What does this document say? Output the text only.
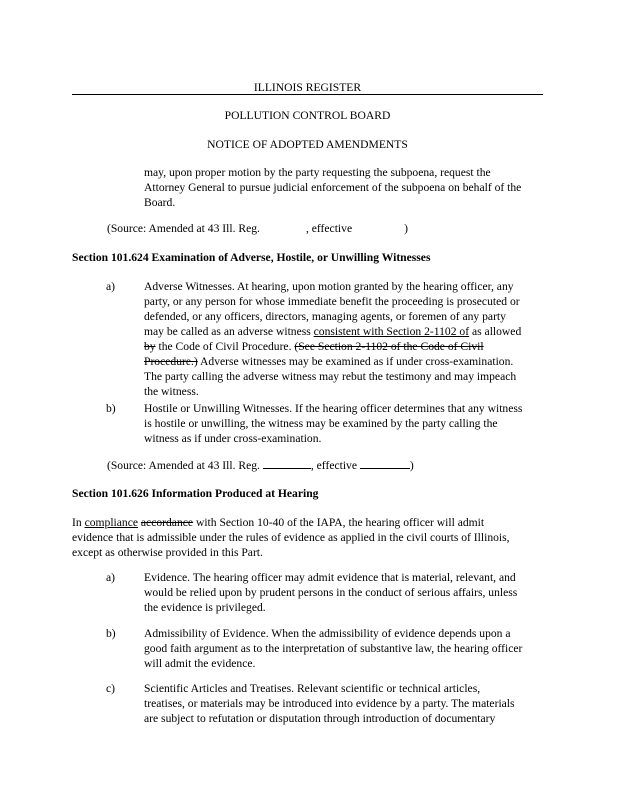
ILLINOIS REGISTER
POLLUTION CONTROL BOARD
NOTICE OF ADOPTED AMENDMENTS

may, upon proper motion by the party requesting the subpoena, request the

Attorney General to pursue judicial enforcement of the subpoena on behalf of the

Board.

(Source: Amended at 43 Ill. Reg.	, effective	)
Section 101.624 Examination of Adverse, Hostile, or Unwilling Witnesses
a) Adverse Witnesses. At hearing, upon motion granted by the hearing officer, any

party, or any person for whose immediate benefit the proceeding is prosecuted or

defended, or any officers, directors, managing agents, or foremen of any party

may be called as an adverse witness consistent with Section 2-1102 of as allowed

by the Code of Civil Procedure. (See Section 2-1102 of the Code of Civil

Procedure.) Adverse witnesses may be examined as if under cross-examination.

The party calling the adverse witness may rebut the testimony and may impeach

the witness.

b) Hostile or Unwilling Witnesses. If the hearing officer determines that any witness

is hostile or unwilling, the witness may be examined by the party calling the

witness as if under cross-examination.

(Source: Amended at 43 Ill. Reg.	, effective	)
Section 101.626 Information Produced at Hearing

In compliance accordance with Section 10-40 of the IAPA, the hearing officer will admit

evidence that is admissible under the rules of evidence as applied in the civil courts of Illinois,

except as otherwise provided in this Part.

a) Evidence. The hearing officer may admit evidence that is material, relevant, and

would be relied upon by prudent persons in the conduct of serious affairs, unless

the evidence is privileged.

b) Admissibility of Evidence. When the admissibility of evidence depends upon a

good faith argument as to the interpretation of substantive law, the hearing officer

will admit the evidence.

c) Scientific Articles and Treatises. Relevant scientific or technical articles,

treatises, or materials may be introduced into evidence by a party. The materials

are subject to refutation or disputation through introduction of documentary
